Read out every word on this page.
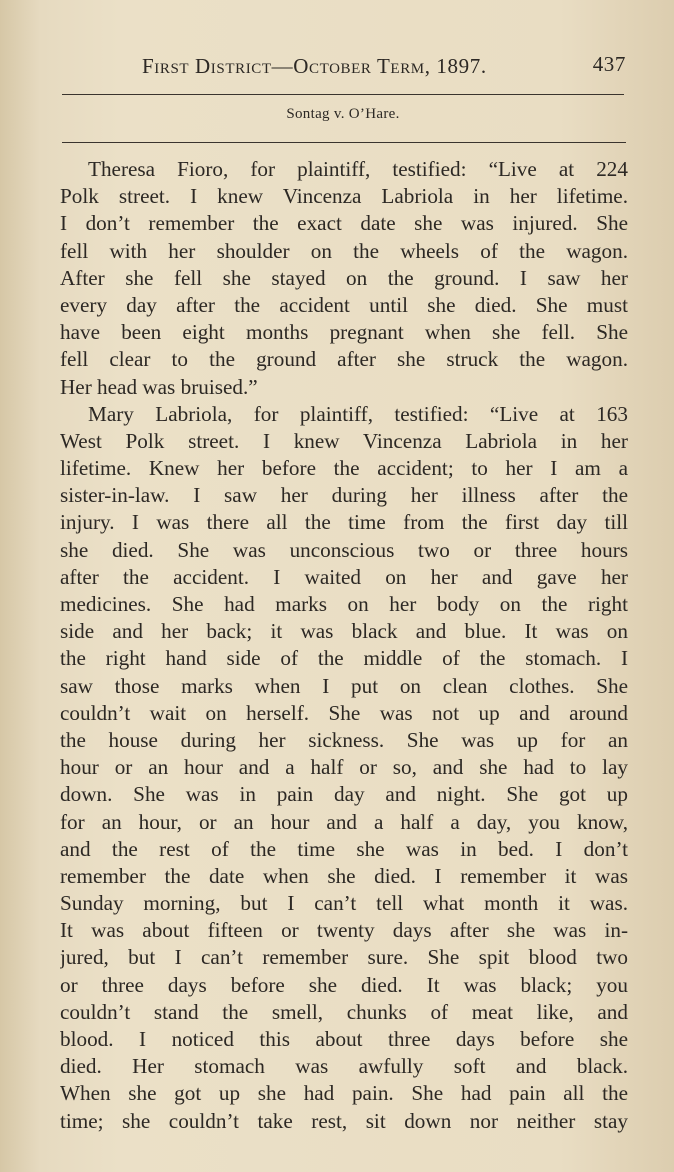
First District—October Term, 1897.	437
Sontag v. O’Hare.
Theresa Fioro, for plaintiff, testified: “Live at 224
Polk street. I knew Vincenza Labriola in her lifetime.
I don’t remember the exact date she was injured. She
fell with her shoulder on the wheels of the wagon.
After she fell she stayed on the ground. I saw her
every day after the accident until she died. She must
have been eight months pregnant when she fell. She
fell clear to the ground after she struck the wagon.
Her head was bruised.”
Mary Labriola, for plaintiff, testified: “Live at 163
West Polk street. I knew Vincenza Labriola in her
lifetime. Knew her before the accident; to her I am a
sister-in-law. I saw her during her illness after the
injury. I was there all the time from the first day till
she died. She was unconscious two or three hours
after the accident. I waited on her and gave her
medicines. She had marks on her body on the right
side and her back; it was black and blue. It was on
the right hand side of the middle of the stomach. I
saw those marks when I put on clean clothes. She
couldn’t wait on herself. She was not up and around
the house during her sickness. She was up for an
hour or an hour and a half or so, and she had to lay
down. She was in pain day and night. She got up
for an hour, or an hour and a half a day, you know,
and the rest of the time she was in bed. I don’t
remember the date when she died. I remember it was
Sunday morning, but I can’t tell what month it was.
It was about fifteen or twenty days after she was in-
jured, but I can’t remember sure. She spit blood two
or three days before she died. It was black; you
couldn’t stand the smell, chunks of meat like, and
blood. I noticed this about three days before she
died. Her stomach was awfully soft and black.
When she got up she had pain. She had pain all the
time; she couldn’t take rest, sit down nor neither stay
